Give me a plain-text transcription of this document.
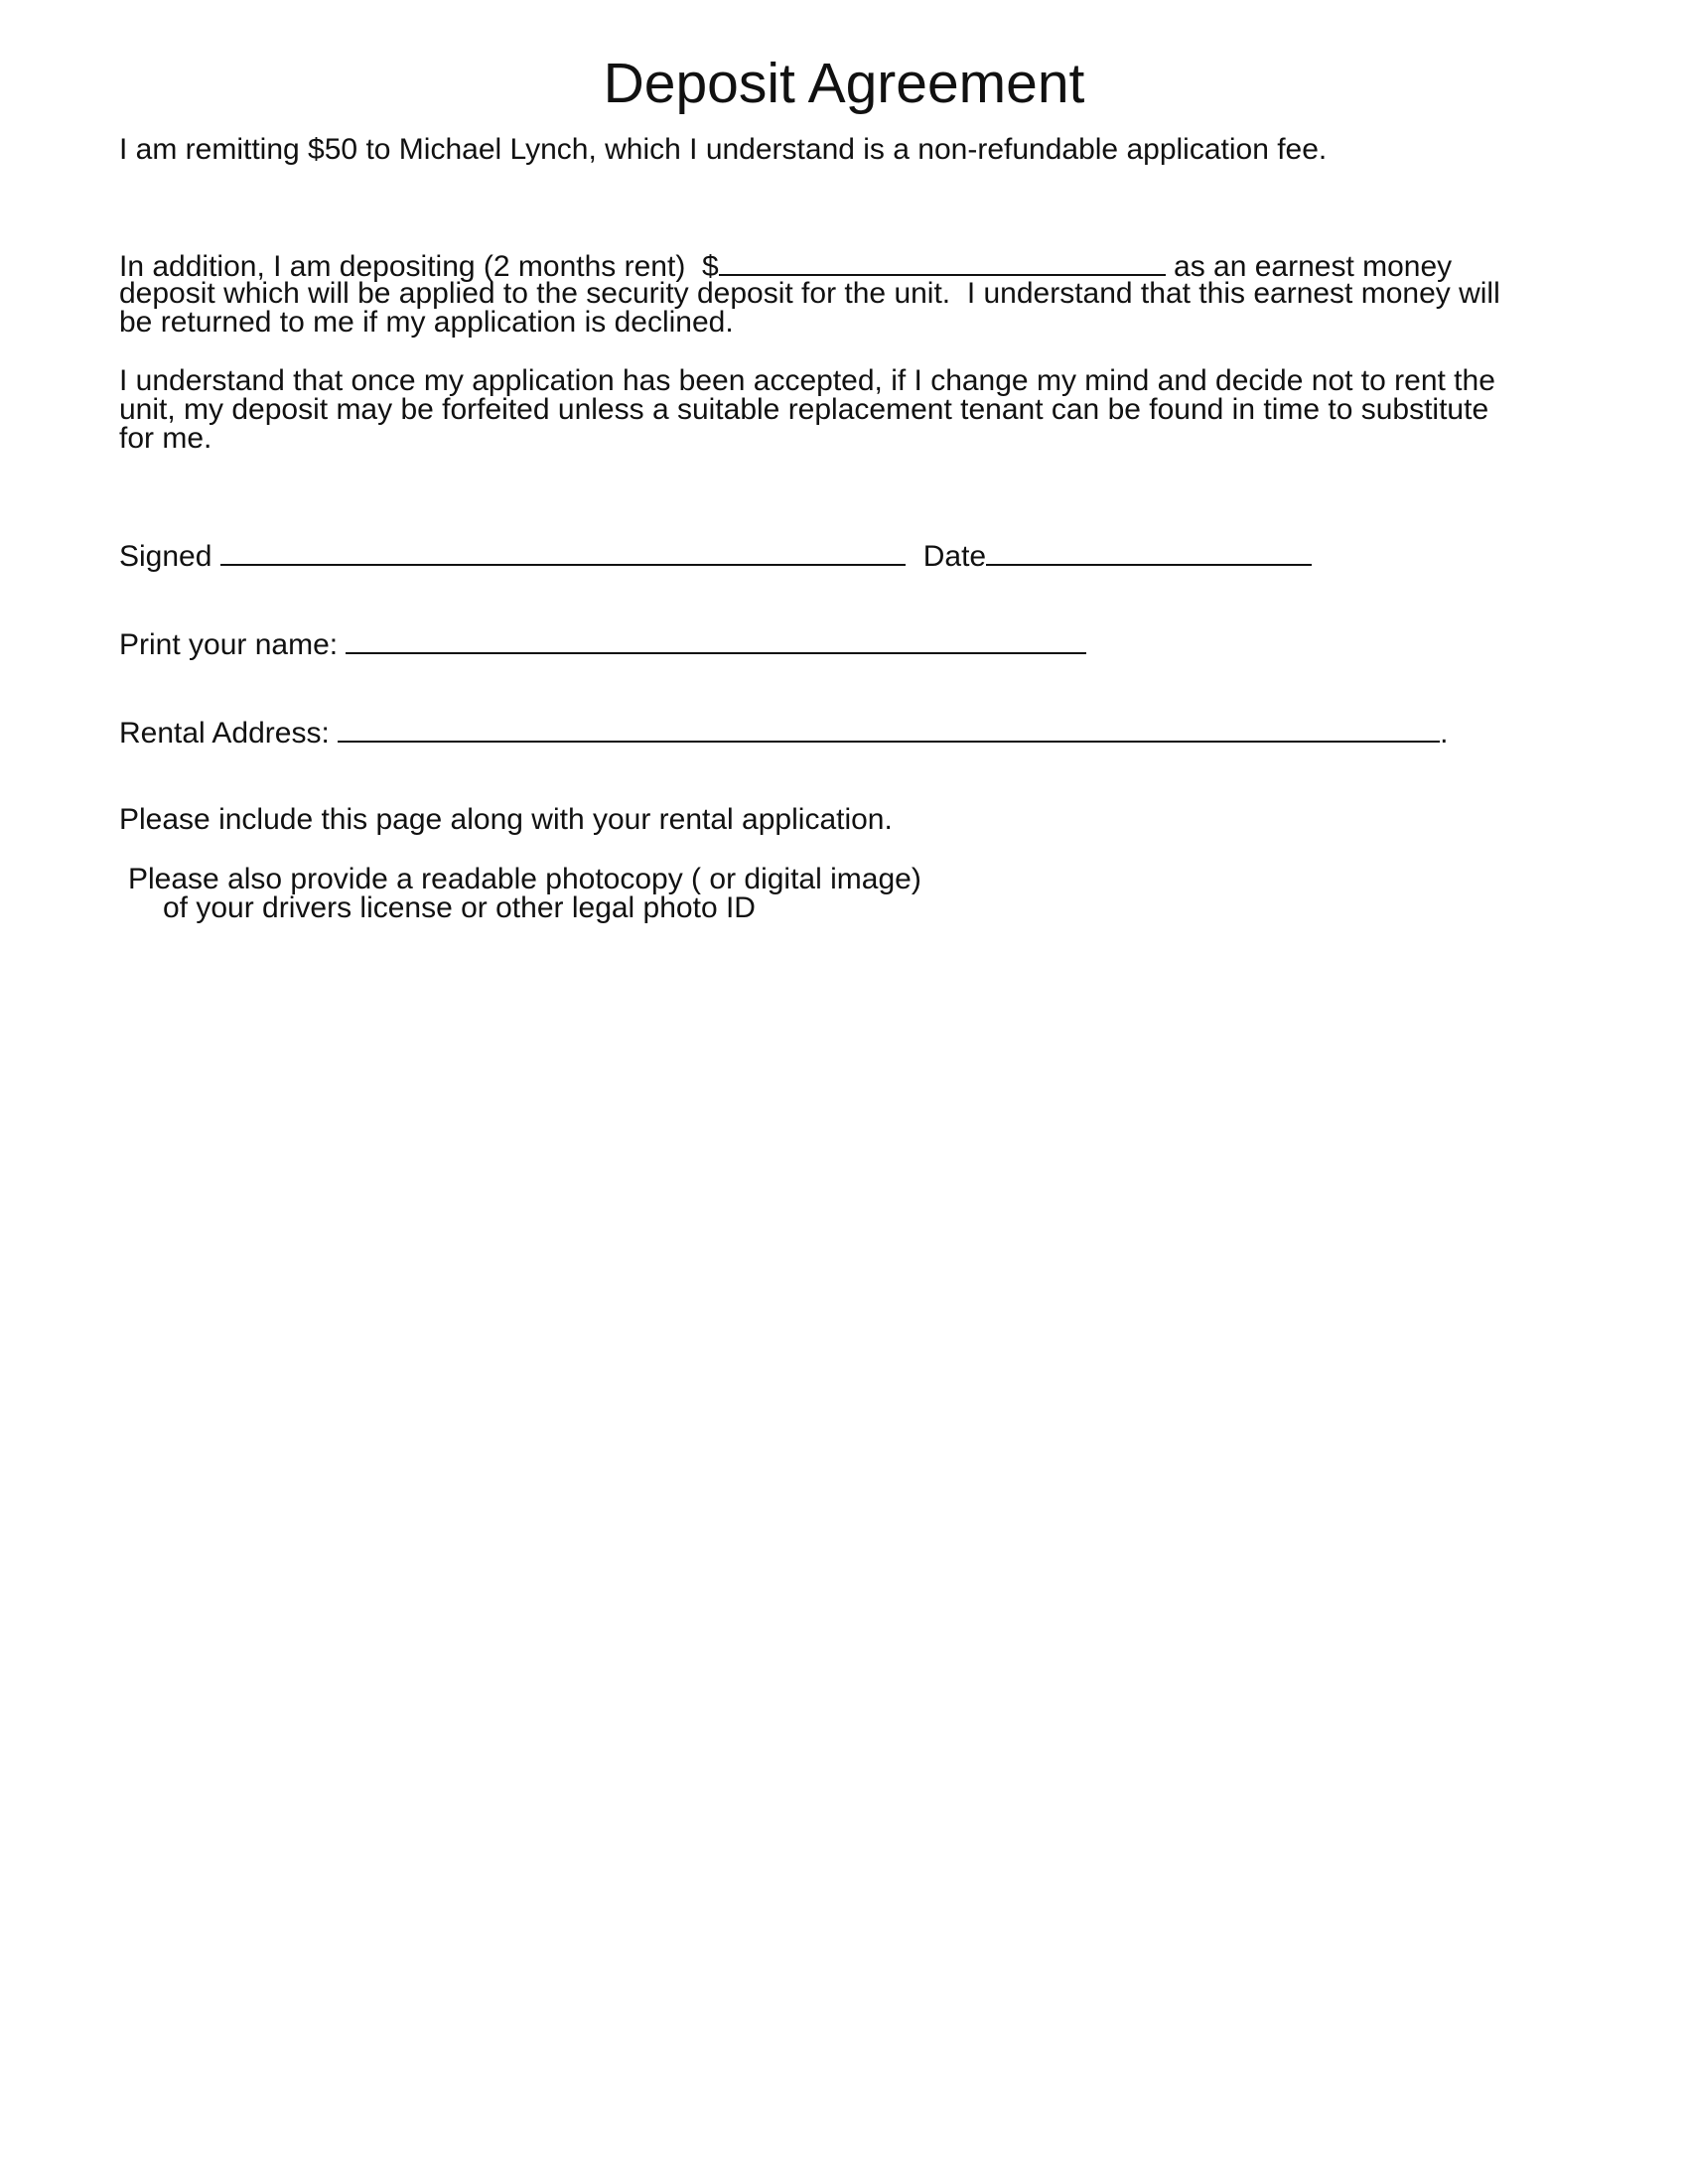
Deposit Agreement
I am remitting $50 to Michael Lynch, which I understand is a non-refundable application fee.
In addition, I am depositing (2 months rent)  $	as an earnest money
deposit which will be applied to the security deposit for the unit.  I understand that this earnest money will
be returned to me if my application is declined.
I understand that once my application has been accepted, if I change my mind and decide not to rent the
unit, my deposit may be forfeited unless a suitable replacement tenant can be found in time to substitute
for me.
Signed	Date
Print your name:
Rental Address:	.
Please include this page along with your rental application.
Please also provide a readable photocopy ( or digital image)
of your drivers license or other legal photo ID
